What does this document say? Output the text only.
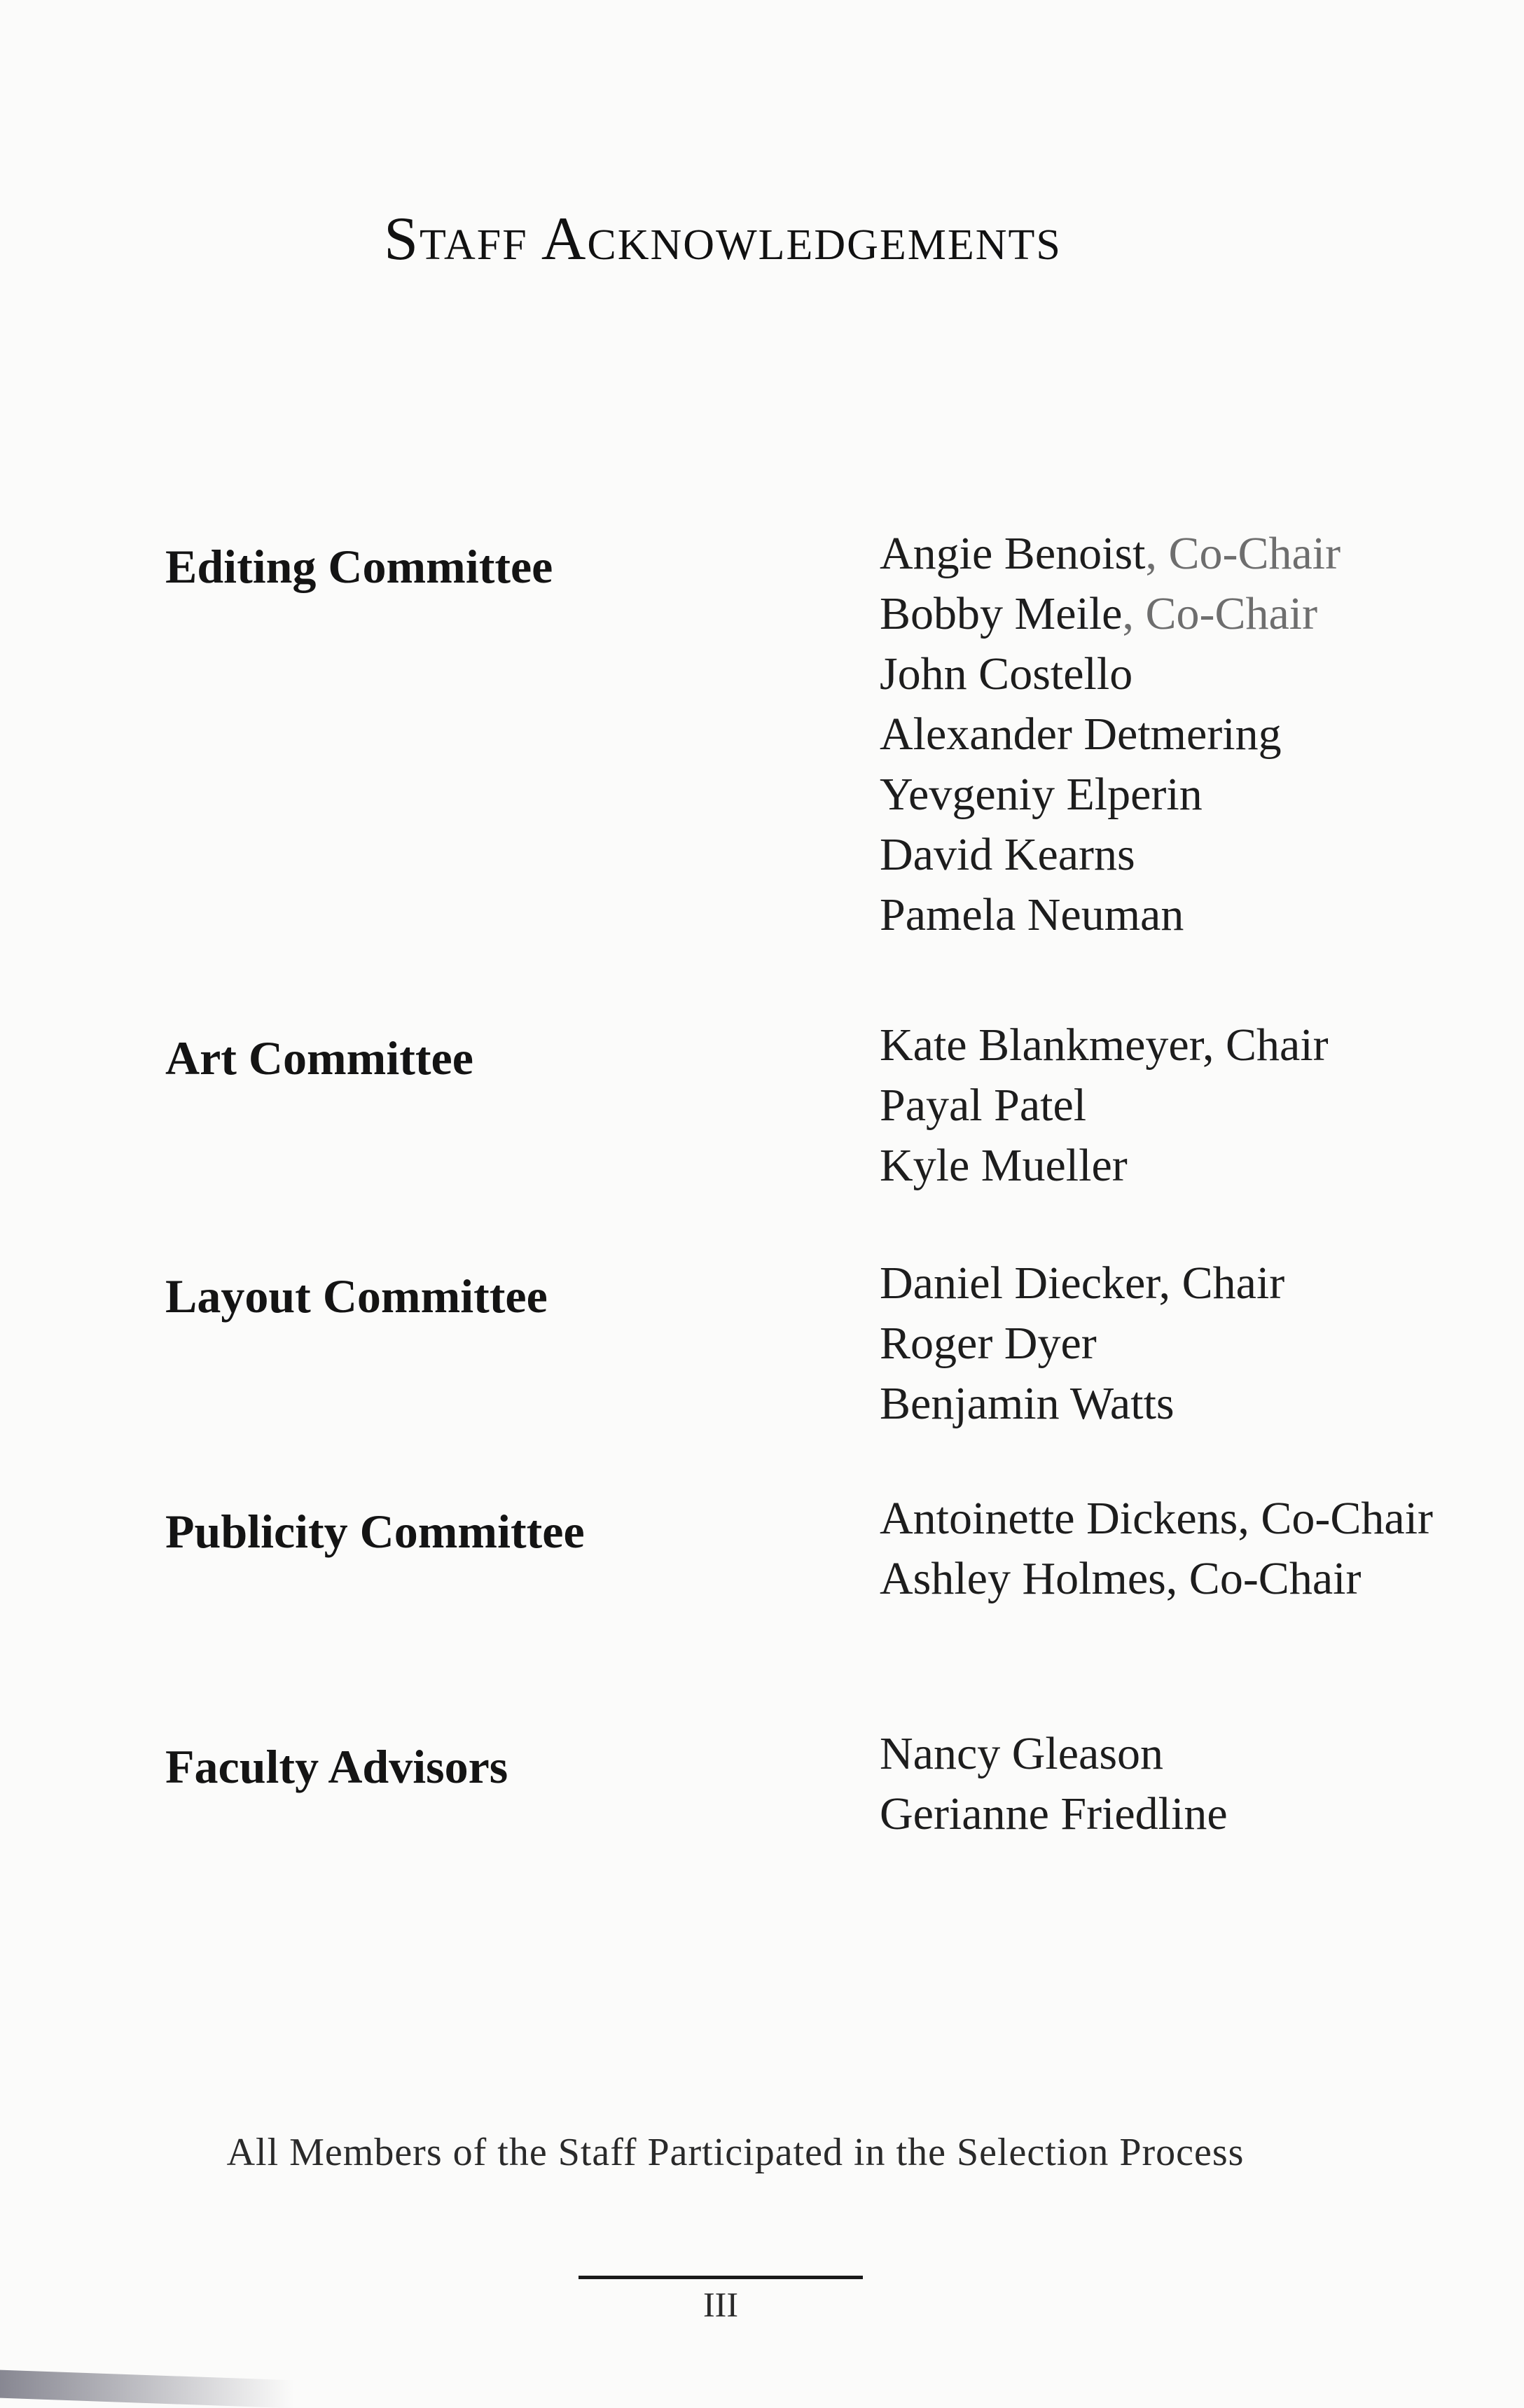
Staff Acknowledgements
Editing Committee	Angie Benoist, Co-Chair
Bobby Meile, Co-Chair
John Costello
Alexander Detmering
Yevgeniy Elperin
David Kearns
Pamela Neuman
Art Committee	Kate Blankmeyer, Chair
Payal Patel
Kyle Mueller
Layout Committee	Daniel Diecker, Chair
Roger Dyer
Benjamin Watts
Publicity Committee	Antoinette Dickens, Co-Chair
Ashley Holmes, Co-Chair
Faculty Advisors	Nancy Gleason
Gerianne Friedline

All Members of the Staff Participated in the Selection Process

III
